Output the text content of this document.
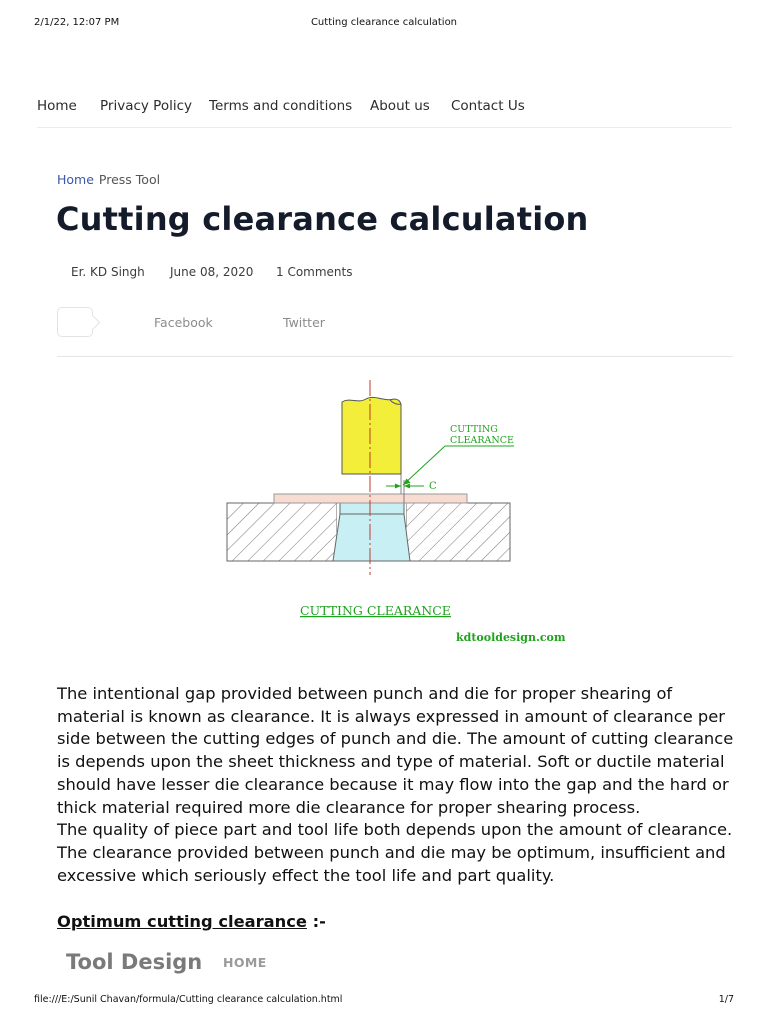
2/1/22, 12:07 PM	Cutting clearance calculation
Home Privacy Policy Terms and conditions About us Contact Us
Home Press Tool
Cutting clearance calculation
Er. KD Singh June 08, 2020 1 Comments
Facebook	Twitter
C
CUTTING
CLEARANCE
CUTTING CLEARANCE
kdtooldesign.com

The intentional gap provided between punch and die for proper shearing of material is known as clearance. It is always expressed in amount of clearance per side between the cutting edges of punch and die. The amount of cutting clearance is depends upon the sheet thickness and type of material. Soft or ductile material should have lesser die clearance because it may flow into the gap and the hard or thick material required more die clearance for proper shearing process.

The quality of piece part and tool life both depends upon the amount of clearance. The clearance provided between punch and die may be optimum, insufficient and excessive which seriously effect the tool life and part quality.

Optimum cutting clearance :-
Tool Design HOME
file:///E:/Sunil Chavan/formula/Cutting clearance calculation.html	1/7
